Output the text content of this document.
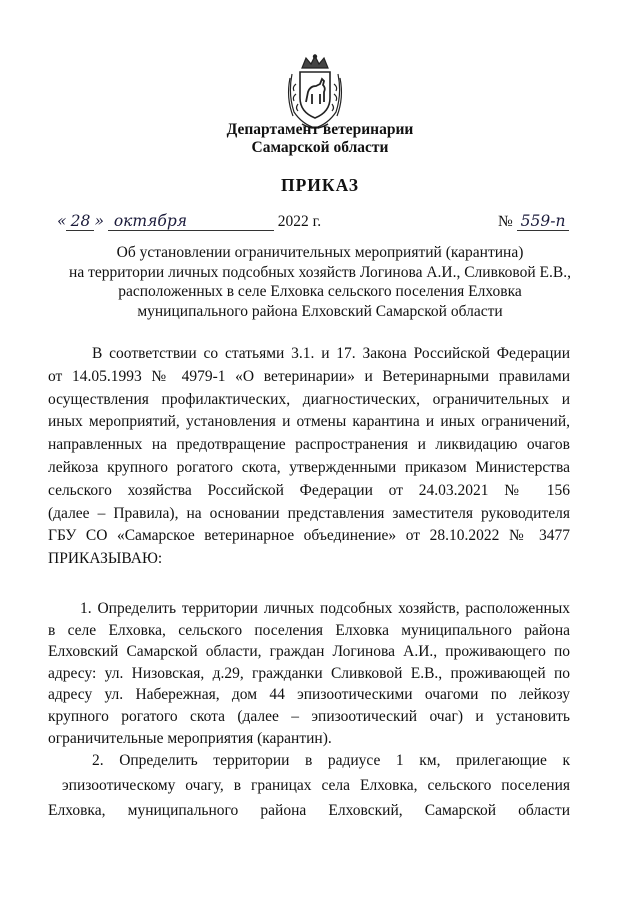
Департамент ветеринарии
Самарской области
ПРИКАЗ
« 28 » октября	2022 г.	№ 559-п
Об установлении ограничительных мероприятий (карантина)
на территории личных подсобных хозяйств Логинова А.И., Сливковой Е.В.,
расположенных в селе Елховка сельского поселения Елховка
муниципального района Елховский Самарской области
В соответствии со статьями 3.1. и 17. Закона Российской Федерации
от 14.05.1993 № 4979-1 «О ветеринарии» и Ветеринарными правилами
осуществления профилактических, диагностических, ограничительных и
иных мероприятий, установления и отмены карантина и иных ограничений,
направленных на предотвращение распространения и ликвидацию очагов
лейкоза крупного рогатого скота, утвержденными приказом Министерства
сельского хозяйства Российской Федерации от 24.03.2021 № 156
(далее – Правила), на основании представления заместителя руководителя
ГБУ СО «Самарское ветеринарное объединение» от 28.10.2022 № 3477
ПРИКАЗЫВАЮ:
1. Определить территории личных подсобных хозяйств, расположенных
в селе Елховка, сельского поселения Елховка муниципального района
Елховский Самарской области, граждан Логинова А.И., проживающего по
адресу: ул. Низовская, д.29, гражданки Сливковой Е.В., проживающей по
адресу ул. Набережная, дом 44 эпизоотическими очагоми по лейкозу
крупного рогатого скота (далее – эпизоотический очаг) и установить
ограничительные мероприятия (карантин).
2. Определить территории в радиусе 1 км, прилегающие к
эпизоотическому очагу, в границах села Елховка, сельского поселения
Елховка, муниципального района Елховский, Самарской области
